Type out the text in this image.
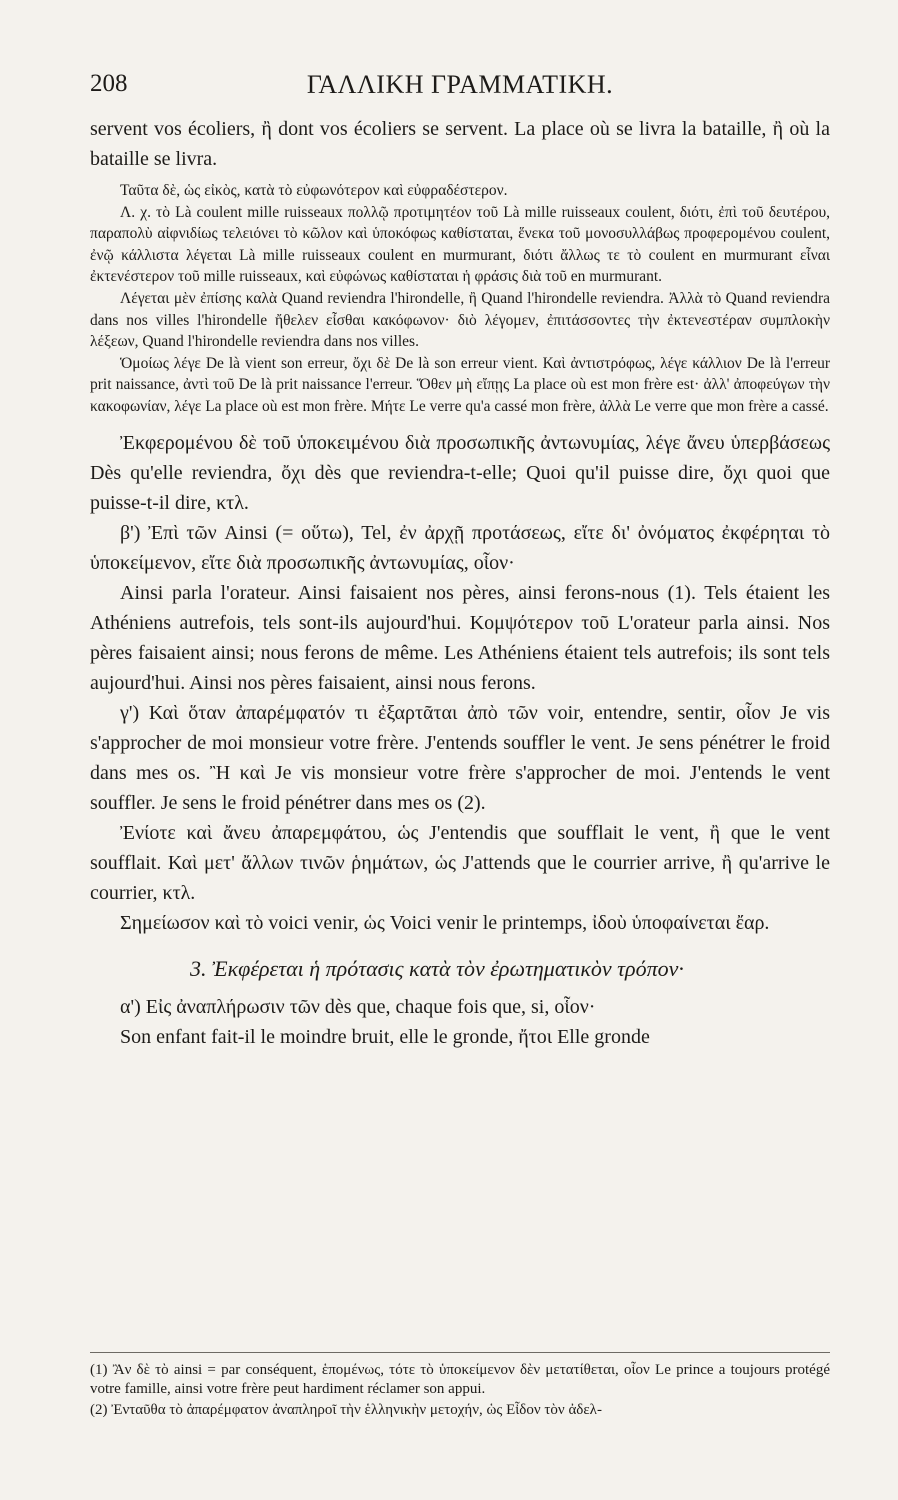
208	ΓΑΛΛΙΚΗ ΓΡΑΜΜΑΤΙΚΗ.

servent vos écoliers, ἢ dont vos écoliers se servent. La place où se livra la bataille, ἢ où la bataille se livra.

Ταῦτα δὲ, ὡς εἰκὸς, κατὰ τὸ εὐφωνότερον καὶ εὐφραδέστερον.

Λ. χ. τὸ Là coulent mille ruisseaux πολλῷ προτιμητέον τοῦ Là mille ruisseaux coulent, διότι, ἐπὶ τοῦ δευτέρου, παραπολὺ αἰφνιδίως τελειόνει τὸ κῶλον καὶ ὑποκόφως καθίσταται, ἕνεκα τοῦ μονοσυλλάβως προφερομένου coulent, ἐνῷ κάλλιστα λέγεται Là mille ruisseaux coulent en murmurant, διότι ἄλλως τε τὸ coulent en murmurant εἶναι ἐκτενέστερον τοῦ mille ruisseaux, καὶ εὐφώνως καθίσταται ἡ φράσις διὰ τοῦ en murmurant.

Λέγεται μὲν ἐπίσης καλὰ Quand reviendra l'hirondelle, ἢ Quand l'hirondelle reviendra. Ἀλλὰ τὸ Quand reviendra dans nos villes l'hirondelle ἤθελεν εἶσθαι κακόφωνον· διὸ λέγομεν, ἐπιτάσσοντες τὴν ἐκτενεστέραν συμπλοκὴν λέξεων, Quand l'hirondelle reviendra dans nos villes.

Ὁμοίως λέγε De là vient son erreur, ὄχι δὲ De là son erreur vient. Καὶ ἀντιστρόφως, λέγε κάλλιον De là l'erreur prit naissance, ἀντὶ τοῦ De là prit naissance l'erreur. Ὅθεν μὴ εἴπῃς La place où est mon frère est· ἀλλ' ἀποφεύγων τὴν κακοφωνίαν, λέγε La place où est mon frère. Μήτε Le verre qu'a cassé mon frère, ἀλλὰ Le verre que mon frère a cassé.

Ἐκφερομένου δὲ τοῦ ὑποκειμένου διὰ προσωπικῆς ἀντωνυμίας, λέγε ἄνευ ὑπερβάσεως Dès qu'elle reviendra, ὄχι dès que reviendra-t-elle; Quoi qu'il puisse dire, ὄχι quoi que puisse-t-il dire, κτλ.

β') Ἐπὶ τῶν Ainsi (= οὕτω), Tel, ἐν ἀρχῇ προτάσεως, εἴτε δι' ὀνόματος ἐκφέρηται τὸ ὑποκείμενον, εἴτε διὰ προσωπικῆς ἀντωνυμίας, οἷον·

Ainsi parla l'orateur. Ainsi faisaient nos pères, ainsi ferons-nous (1). Tels étaient les Athéniens autrefois, tels sont-ils aujourd'hui. Κομψότερον τοῦ L'orateur parla ainsi. Nos pères faisaient ainsi; nous ferons de même. Les Athéniens étaient tels autrefois; ils sont tels aujourd'hui. Ainsi nos pères faisaient, ainsi nous ferons.

γ') Καὶ ὅταν ἀπαρέμφατόν τι ἐξαρτᾶται ἀπὸ τῶν voir, entendre, sentir, οἷον Je vis s'approcher de moi monsieur votre frère. J'entends souffler le vent. Je sens pénétrer le froid dans mes os. Ἢ καὶ Je vis monsieur votre frère s'approcher de moi. J'entends le vent souffler. Je sens le froid pénétrer dans mes os (2).

Ἐνίοτε καὶ ἄνευ ἀπαρεμφάτου, ὡς J'entendis que soufflait le vent, ἢ que le vent soufflait. Καὶ μετ' ἄλλων τινῶν ῥημάτων, ὡς J'attends que le courrier arrive, ἢ qu'arrive le courrier, κτλ.

Σημείωσον καὶ τὸ voici venir, ὡς Voici venir le printemps, ἰδοὺ ὑποφαίνεται ἔαρ.

3. Ἐκφέρεται ἡ πρότασις κατὰ τὸν ἐρωτηματικὸν τρόπον·

α') Εἰς ἀναπλήρωσιν τῶν dès que, chaque fois que, si, οἷον·

Son enfant fait-il le moindre bruit, elle le gronde, ἤτοι Elle gronde

(1) Ἂν δὲ τὸ ainsi = par conséquent, ἑπομένως, τότε τὸ ὑποκείμενον δὲν μετατίθεται, οἷον Le prince a toujours protégé votre famille, ainsi votre frère peut hardiment réclamer son appui.

(2) Ἐνταῦθα τὸ ἀπαρέμφατον ἀναπληροῖ τὴν ἑλληνικὴν μετοχήν, ὡς Εἶδον τὸν ἀδελ-
